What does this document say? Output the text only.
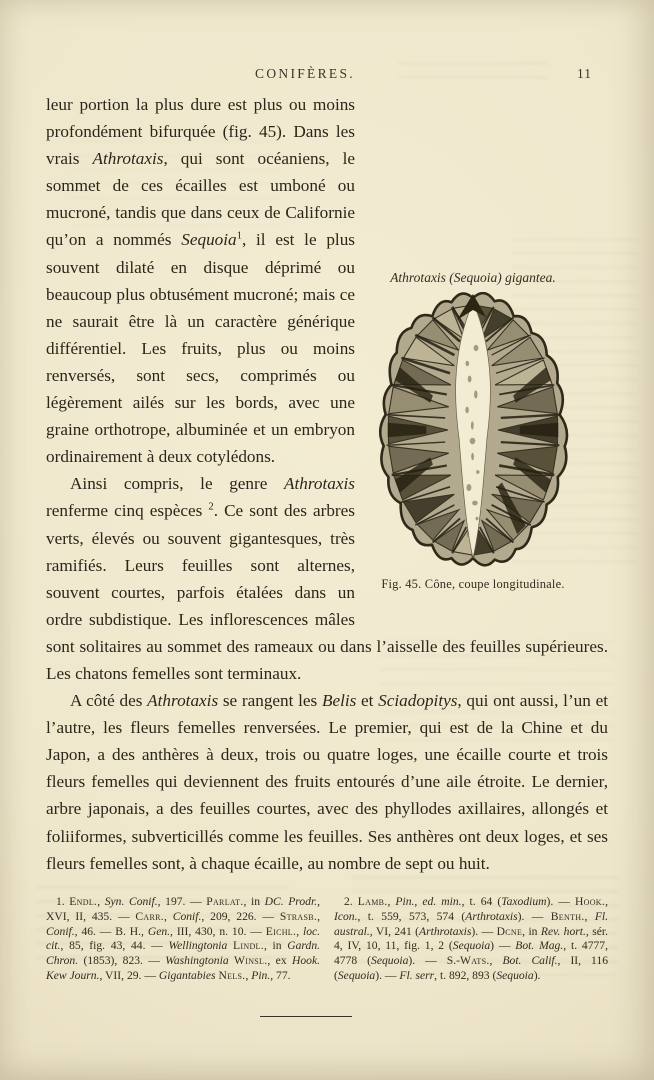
CONIFÈRES.	11
Athrotaxis (Sequoia) gigantea.
Fig. 45. Cône, coupe longitudinale.

leur portion la plus dure est plus ou moins profondément bifurquée (fig. 45). Dans les vrais Athrotaxis, qui sont océaniens, le sommet de ces écailles est umboné ou mucroné, tandis que dans ceux de Californie qu’on a nommés Sequoia$^1$, il est le plus souvent dilaté en disque déprimé ou beaucoup plus obtusément mucroné; mais ce ne saurait être là un caractère générique différentiel. Les fruits, plus ou moins renversés, sont secs, comprimés ou légèrement ailés sur les bords, avec une graine orthotrope, albuminée et un embryon ordinairement à deux cotylédons.

Ainsi compris, le genre Athrotaxis renferme cinq espèces $^2$. Ce sont des arbres verts, élevés ou souvent gigantesques, très ramifiés. Leurs feuilles sont alternes, souvent courtes, parfois étalées dans un ordre subdistique. Les inflorescences mâles sont solitaires au sommet des rameaux ou dans l’aisselle des feuilles supérieures. Les chatons femelles sont terminaux.

A côté des Athrotaxis se rangent les Belis et Sciadopitys, qui ont aussi, l’un et l’autre, les fleurs femelles renversées. Le premier, qui est de la Chine et du Japon, a des anthères à deux, trois ou quatre loges, une écaille courte et trois fleurs femelles qui deviennent des fruits entourés d’une aile étroite. Le dernier, arbre japonais, a des feuilles courtes, avec des phyllodes axillaires, allongés et foliiformes, subverticillés comme les feuilles. Ses anthères ont deux loges, et ses fleurs femelles sont, à chaque écaille, au nombre de sept ou huit.

1. Endl., Syn. Conif., 197. — Parlat., in DC. Prodr., XVI, II, 435. — Carr., Conif., 209, 226. — Strasb., Conif., 46. — B. H., Gen., III, 430, n. 10. — Eichl., loc. cit., 85, fig. 43, 44. — Wellingtonia Lindl., in Gardn. Chron. (1853), 823. — Washingtonia Winsl., ex Hook. Kew Journ., VII, 29. — Gigantabies Nels., Pin., 77.
2. Lamb., Pin., ed. min., t. 64 (Taxodium). — Hook., Icon., t. 559, 573, 574 (Arthrotaxis). — Benth., Fl. austral., VI, 241 (Arthrotaxis). — Dcne, in Rev. hort., sér. 4, IV, 10, 11, fig. 1, 2 (Sequoia) — Bot. Mag., t. 4777, 4778 (Sequoia). — S.-Wats., Bot. Calif., II, 116 (Sequoia). — Fl. serr, t. 892, 893 (Sequoia).
